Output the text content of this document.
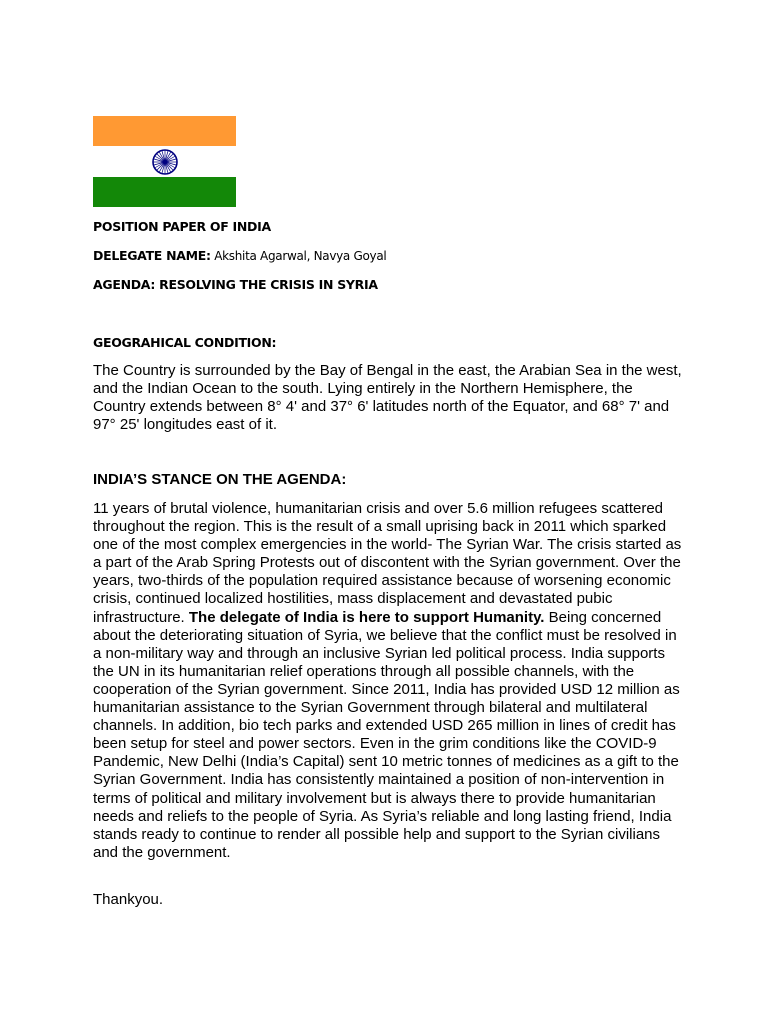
POSITION PAPER OF INDIA
DELEGATE NAME: Akshita Agarwal, Navya Goyal
AGENDA: RESOLVING THE CRISIS IN SYRIA
GEOGRAHICAL CONDITION:
The Country is surrounded by the Bay of Bengal in the east, the Arabian Sea in the west, and the Indian Ocean to the south. Lying entirely in the Northern Hemisphere, the Country extends between 8° 4' and 37° 6' latitudes north of the Equator, and 68° 7' and 97° 25' longitudes east of it.
INDIA’S STANCE ON THE AGENDA:
11 years of brutal violence, humanitarian crisis and over 5.6 million refugees scattered throughout the region. This is the result of a small uprising back in 2011 which sparked one of the most complex emergencies in the world- The Syrian War. The crisis started as a part of the Arab Spring Protests out of discontent with the Syrian government. Over the years, two-thirds of the population required assistance because of worsening economic crisis, continued localized hostilities, mass displacement and devastated pubic infrastructure. The delegate of India is here to support Humanity. Being concerned about the deteriorating situation of Syria, we believe that the conflict must be resolved in a non-military way and through an inclusive Syrian led political process. India supports the UN in its humanitarian relief operations through all possible channels, with the cooperation of the Syrian government. Since 2011, India has provided USD 12 million as humanitarian assistance to the Syrian Government through bilateral and multilateral channels. In addition, bio tech parks and extended USD 265 million in lines of credit has been setup for steel and power sectors. Even in the grim conditions like the COVID-9 Pandemic, New Delhi (India’s Capital) sent 10 metric tonnes of medicines as a gift to the Syrian Government. India has consistently maintained a position of non-intervention in terms of political and military involvement but is always there to provide humanitarian needs and reliefs to the people of Syria. As Syria’s reliable and long lasting friend, India stands ready to continue to render all possible help and support to the Syrian civilians and the government.
Thankyou.
